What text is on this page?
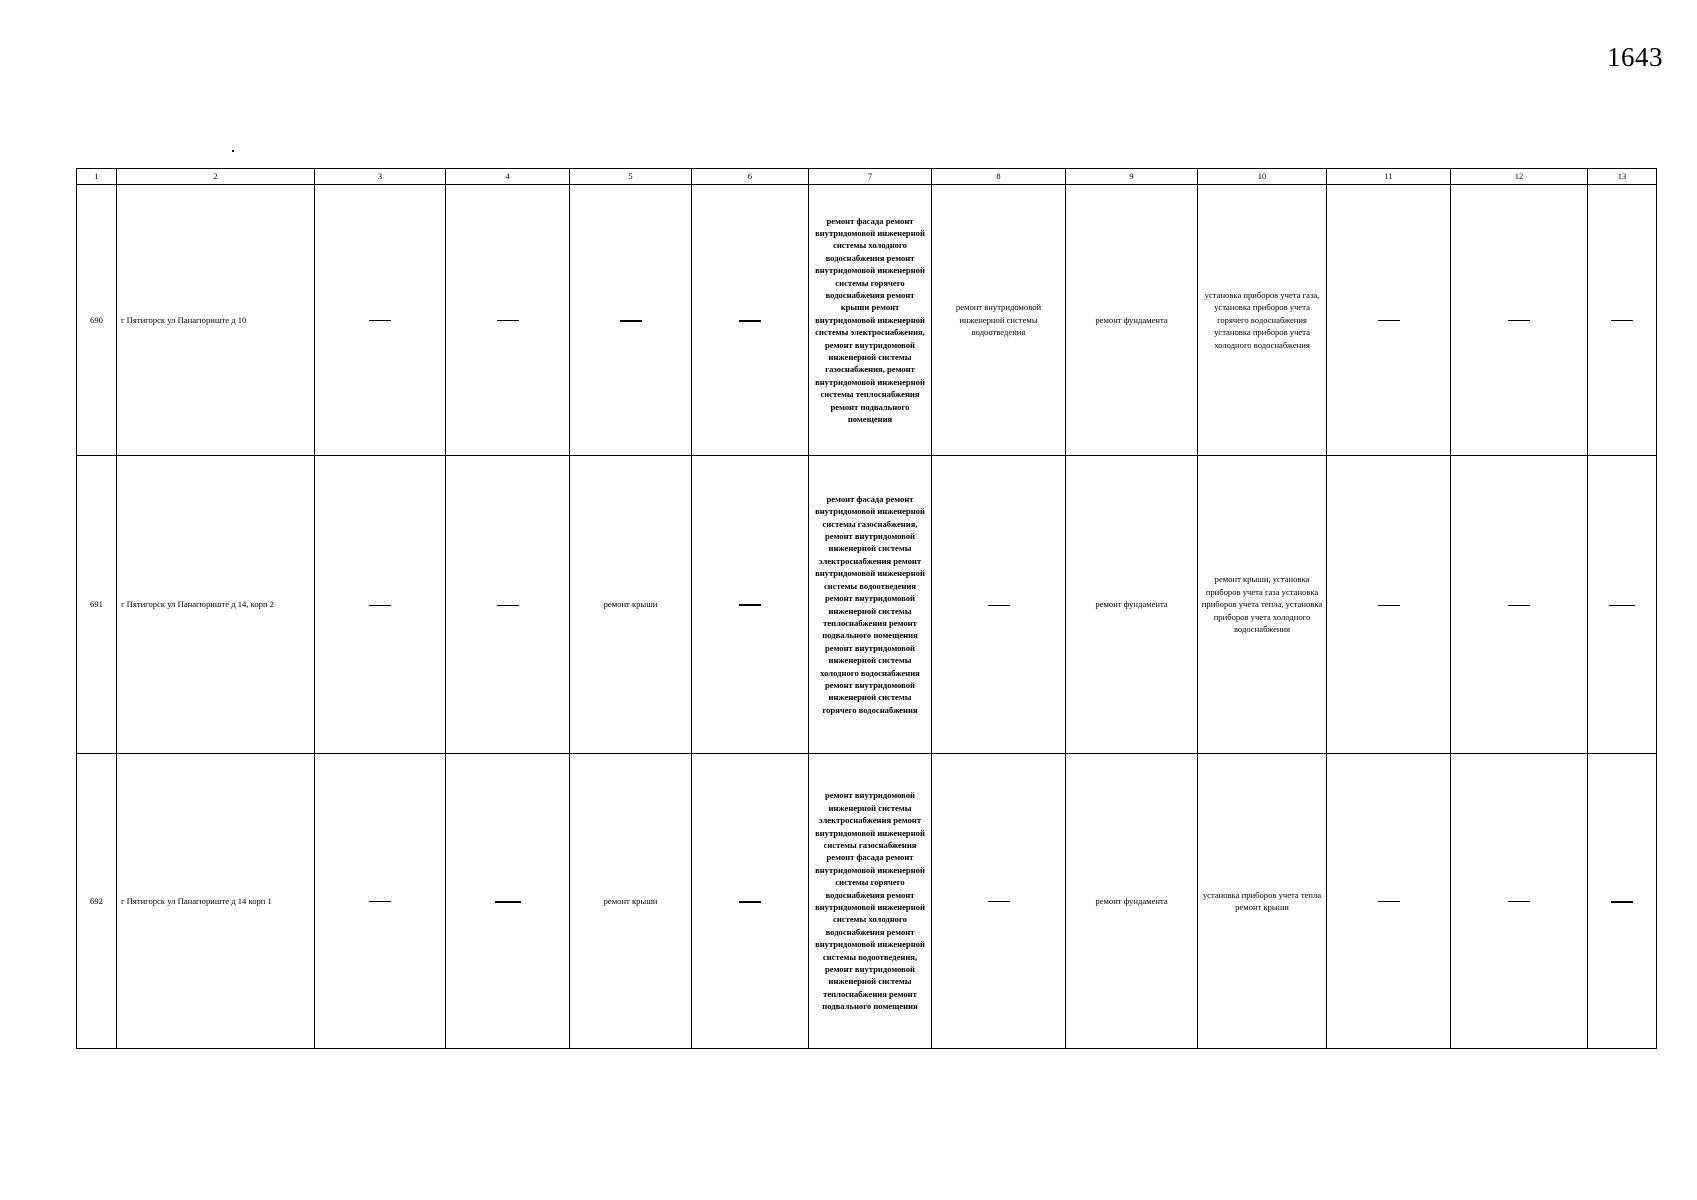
1643
1	2	3	4	5	6	7	8	9	10	11	12	13
690	г Пятигорск ул Панагюриште д 10					ремонт фасада ремонт внутридомовой инженерной системы холодного водоснабжения ремонт внутридомовой инженерной системы горячего водоснабжения ремонт крыши ремонт внутридомовой инженерной системы электроснабжения, ремонт внутридомовой инженерной системы газоснабжения, ремонт внутридомовой инженерной системы теплоснабжения ремонт подвального помещения	ремонт внутридомовой инженерной системы водоотведения	ремонт фундамента	установка приборов учета газа, установка приборов учета горячего водоснабжения установка приборов учета холодного водоснабжения			
691	г Пятигорск ул Панагюриште д 14, корп 2			ремонт крыши		ремонт фасада ремонт внутридомовой инженерной системы газоснабжения, ремонт внутридомовой инженерной системы электроснабжения ремонт внутридомовой инженерной системы водоотведения ремонт внутридомовой инженерной системы теплоснабжения ремонт подвального помещения ремонт внутридомовой инженерной системы холодного водоснабжения ремонт внутридомовой инженерной системы горячего водоснабжения		ремонт фундамента	ремонт крыши, установка приборов учета газа установка приборов учета тепла, установка приборов учета холодного водоснабжения			
692	г Пятигорск ул Панагюриште д 14 корп 1			ремонт крыши		ремонт внутридомовой инженерной системы электроснабжения ремонт внутридомовой инженерной системы газоснабжения ремонт фасада ремонт внутридомовой инженерной системы горячего водоснабжения ремонт внутридомовой инженерной системы холодного водоснабжения ремонт внутридомовой инженерной системы водоотведения, ремонт внутридомовой инженерной системы теплоснабжения ремонт подвального помещения		ремонт фундамента	установка приборов учета тепла ремонт крыши			
